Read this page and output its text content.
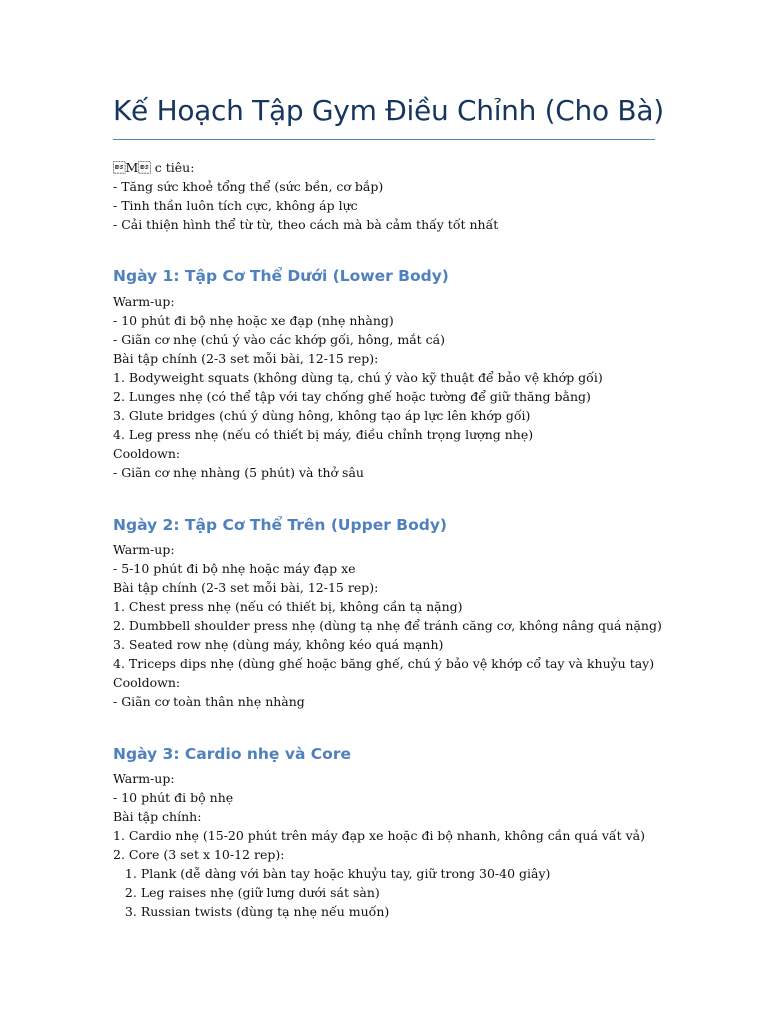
Kế Hoạch Tập Gym Điều Chỉnh (Cho Bà)
M c tiêu:
- Tăng sức khoẻ tổng thể (sức bền, cơ bắp)
- Tinh thần luôn tích cực, không áp lực
- Cải thiện hình thể từ từ, theo cách mà bà cảm thấy tốt nhất
Ngày 1: Tập Cơ Thể Dưới (Lower Body)
Warm-up:
- 10 phút đi bộ nhẹ hoặc xe đạp (nhẹ nhàng)
- Giãn cơ nhẹ (chú ý vào các khớp gối, hông, mắt cá)
Bài tập chính (2-3 set mỗi bài, 12-15 rep):
1. Bodyweight squats (không dùng tạ, chú ý vào kỹ thuật để bảo vệ khớp gối)
2. Lunges nhẹ (có thể tập với tay chống ghế hoặc tường để giữ thăng bằng)
3. Glute bridges (chú ý dùng hông, không tạo áp lực lên khớp gối)
4. Leg press nhẹ (nếu có thiết bị máy, điều chỉnh trọng lượng nhẹ)
Cooldown:
- Giãn cơ nhẹ nhàng (5 phút) và thở sâu
Ngày 2: Tập Cơ Thể Trên (Upper Body)
Warm-up:
- 5-10 phút đi bộ nhẹ hoặc máy đạp xe
Bài tập chính (2-3 set mỗi bài, 12-15 rep):
1. Chest press nhẹ (nếu có thiết bị, không cần tạ nặng)
2. Dumbbell shoulder press nhẹ (dùng tạ nhẹ để tránh căng cơ, không nâng quá nặng)
3. Seated row nhẹ (dùng máy, không kéo quá mạnh)
4. Triceps dips nhẹ (dùng ghế hoặc băng ghế, chú ý bảo vệ khớp cổ tay và khuỷu tay)
Cooldown:
- Giãn cơ toàn thân nhẹ nhàng
Ngày 3: Cardio nhẹ và Core
Warm-up:
- 10 phút đi bộ nhẹ
Bài tập chính:
1. Cardio nhẹ (15-20 phút trên máy đạp xe hoặc đi bộ nhanh, không cần quá vất vả)
2. Core (3 set x 10-12 rep):
1. Plank (dễ dàng với bàn tay hoặc khuỷu tay, giữ trong 30-40 giây)
2. Leg raises nhẹ (giữ lưng dưới sát sàn)
3. Russian twists (dùng tạ nhẹ nếu muốn)
